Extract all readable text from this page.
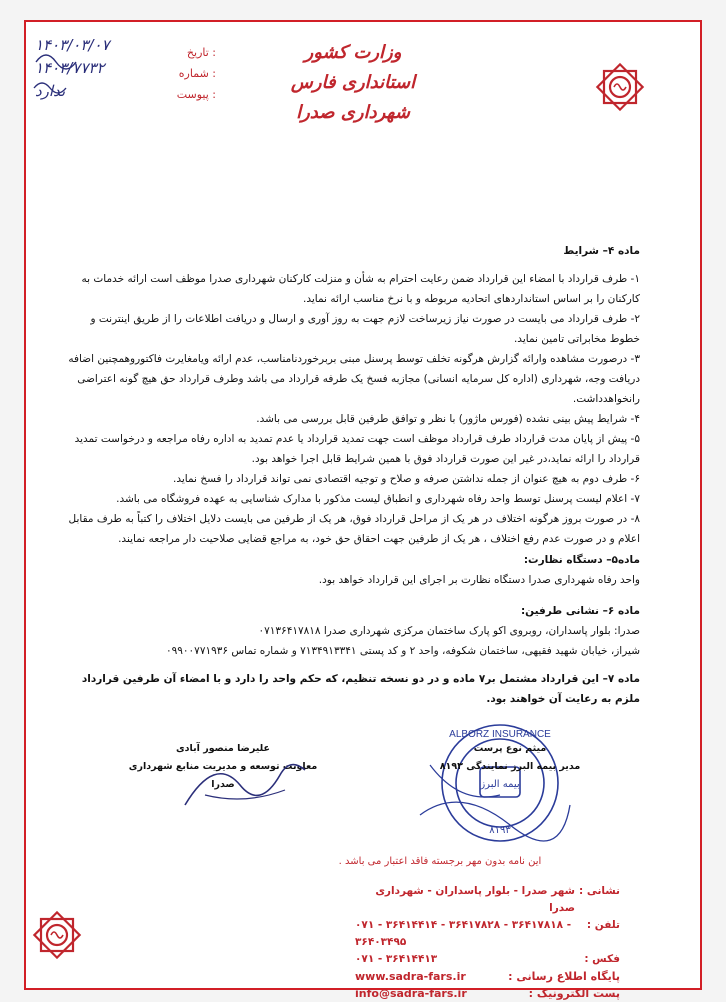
وزارت کشور
استانداری فارس
شهرداری صدرا
: تاریخ
: شماره
: پیوست
۱۴۰۳/۰۳/۰۷
۱۴۰۳/۷۷۳۲
ندارد
ماده ۴– شرایط

۱- طرف قرارداد با امضاء این قرارداد ضمن رعایت احترام به شأن و منزلت کارکنان شهرداری صدرا موظف است ارائه خدمات به کارکنان را بر اساس استانداردهای اتحادیه مربوطه و با نرخ مناسب ارائه نماید.

۲- طرف قرارداد می بایست در صورت نیاز زیرساخت لازم جهت به روز آوری و ارسال و دریافت اطلاعات را از طریق اینترنت و خطوط مخابراتی تامین نماید.

۳- درصورت مشاهده وارائه گزارش هرگونه تخلف توسط پرسنل مبنی بربرخوردنامناسب، عدم ارائه ویامغایرت فاکتوروهمچنین اضافه دریافت وجه، شهرداری (اداره کل سرمایه انسانی) مجازبه فسخ یک طرفه قرارداد می باشد وطرف قرارداد حق هیچ گونه اعتراضی رانخواهدداشت.

۴- شرایط پیش بینی نشده (فورس ماژور) با نظر و توافق طرفین قابل بررسی می باشد.

۵- پیش از پایان مدت قرارداد طرف قرارداد موظف است جهت تمدید قرارداد یا عدم تمدید به اداره رفاه مراجعه و درخواست تمدید قرارداد را ارائه نماید،در غیر این صورت قرارداد فوق با همین شرایط قابل اجرا خواهد بود.

۶- طرف دوم به هیچ عنوان از جمله نداشتن صرفه و صلاح و توجیه اقتصادی نمی تواند قرارداد را فسخ نماید.

۷- اعلام لیست پرسنل توسط واحد رفاه شهرداری و انطباق لیست مذکور با مدارک شناسایی به عهده فروشگاه می باشد.

۸- در صورت بروز هرگونه اختلاف در هر یک از مراحل قرارداد فوق، هر یک از طرفین می بایست دلایل اختلاف را کتباً به طرف مقابل اعلام و در صورت عدم رفع اختلاف ، هر یک از طرفین جهت احقاق حق خود، به مراجع قضایی صلاحیت دار مراجعه نمایند.

ماده۵– دستگاه نظارت:

واحد رفاه شهرداری صدرا دستگاه نظارت بر اجرای این قرارداد خواهد بود.

ماده ۶– نشانی طرفین:

صدرا: بلوار پاسداران، روبروی اکو پارک ساختمان مرکزی شهرداری صدرا ۰۷۱۳۶۴۱۷۸۱۸

شیراز، خیابان شهید فقیهی، ساختمان شکوفه، واحد ۲ و کد پستی ۷۱۳۴۹۱۳۳۴۱ و شماره تماس ۰۹۹۰۰۷۷۱۹۳۶

ماده ۷– این قرارداد مشتمل بر۷ ماده و در دو نسخه تنظیم، که حکم واحد را دارد و با امضاء آن طرفین قرارداد ملزم به رعایت آن خواهند بود.

ALBORZ INSURANCE
بیمه البرز
۸۱۹۳
علیرضا منصور آبادی
معاونت توسعه و مدیریت منابع شهرداری صدرا
میثم نوع پرست
مدیر بیمه البرز نمایندگی ۸۱۹۳
این نامه بدون مهر برجسته فاقد اعتبار می باشد .
نشانی :
شهر صدرا - بلوار پاسداران - شهرداری صدرا
تلفن :
۰۷۱ - ۳۶۴۱۴۴۱۴ - ۳۶۴۱۷۸۲۸ - ۳۶۴۱۷۸۱۸ - ۳۶۴۰۳۴۹۵
فکس :
۰۷۱ - ۳۶۴۱۴۴۱۳
پایگاه اطلاع رسانی :
www.sadra-fars.ir
پست الکترونیک :
info@sadra-fars.ir
